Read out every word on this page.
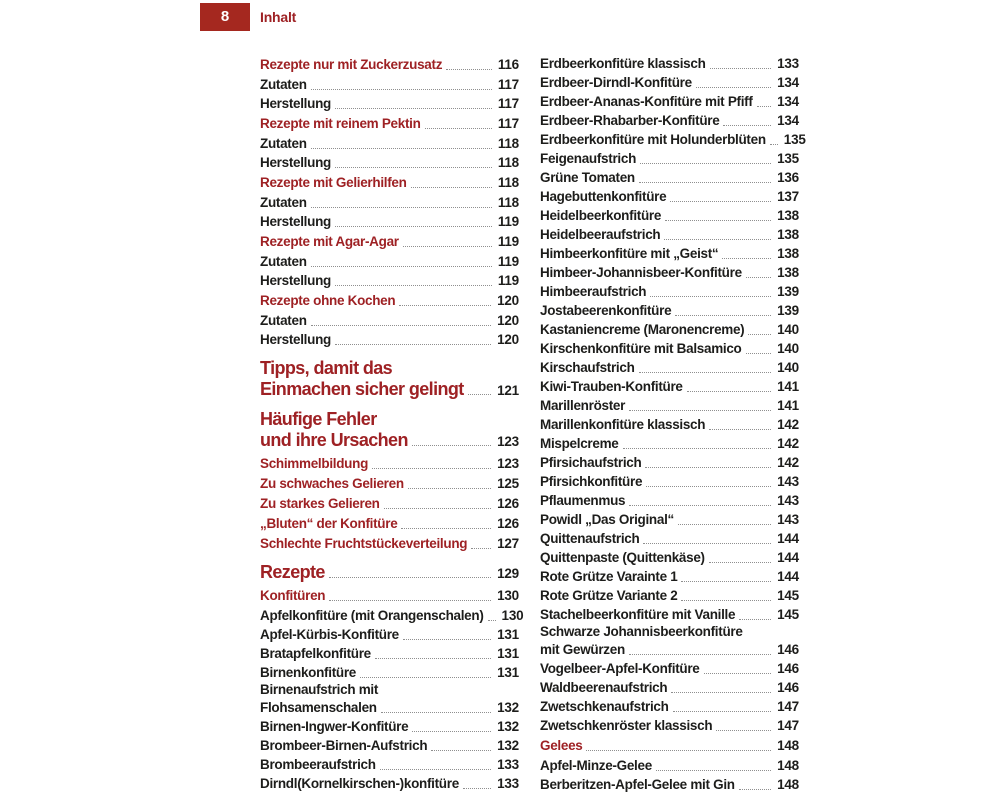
8	Inhalt
Rezepte nur mit Zuckerzusatz	116
Zutaten	117
Herstellung	117
Rezepte mit reinem Pektin	117
Zutaten	118
Herstellung	118
Rezepte mit Gelierhilfen	118
Zutaten	118
Herstellung	119
Rezepte mit Agar-Agar	119
Zutaten	119
Herstellung	119
Rezepte ohne Kochen	120
Zutaten	120
Herstellung	120
Tipps, damit das
Einmachen sicher gelingt 121
Häufige Fehler
und ihre Ursachen	123
Schimmelbildung	123
Zu schwaches Gelieren	125
Zu starkes Gelieren	126
„Bluten“ der Konfitüre	126
Schlechte Fruchtstückeverteilung 127
Rezepte	129
Konfitüren	130
Apfelkonfitüre (mit Orangenschalen) 130
Apfel-Kürbis-Konfitüre	131
Bratapfelkonfitüre	131
Birnenkonfitüre	131
Birnenaufstrich mit
Flohsamenschalen	132
Birnen-Ingwer-Konfitüre	132
Brombeer-Birnen-Aufstrich	132
Brombeeraufstrich	133
Dirndl(Kornelkirschen-)konfitüre	133
Erdbeerkonfitüre klassisch	133
Erdbeer-Dirndl-Konfitüre	134
Erdbeer-Ananas-Konfitüre mit Pfiff 134
Erdbeer-Rhabarber-Konfitüre	134
Erdbeerkonfitüre mit Holunderblüten 135
Feigenaufstrich	135
Grüne Tomaten	136
Hagebuttenkonfitüre	137
Heidelbeerkonfitüre	138
Heidelbeeraufstrich	138
Himbeerkonfitüre mit „Geist“	138
Himbeer-Johannisbeer-Konfitüre	138
Himbeeraufstrich	139
Jostabeerenkonfitüre	139
Kastaniencreme (Maronencreme) 140
Kirschenkonfitüre mit Balsamico	140
Kirschaufstrich	140
Kiwi-Trauben-Konfitüre	141
Marillenröster	141
Marillenkonfitüre klassisch	142
Mispelcreme	142
Pfirsichaufstrich	142
Pfirsichkonfitüre	143
Pflaumenmus	143
Powidl „Das Original“	143
Quittenaufstrich	144
Quittenpaste (Quittenkäse)	144
Rote Grütze Varainte 1	144
Rote Grütze Variante 2	145
Stachelbeerkonfitüre mit Vanille	145
Schwarze Johannisbeerkonfitüre
mit Gewürzen	146
Vogelbeer-Apfel-Konfitüre	146
Waldbeerenaufstrich	146
Zwetschkenaufstrich	147
Zwetschkenröster klassisch	147
Gelees	148
Apfel-Minze-Gelee	148
Berberitzen-Apfel-Gelee mit Gin	148
